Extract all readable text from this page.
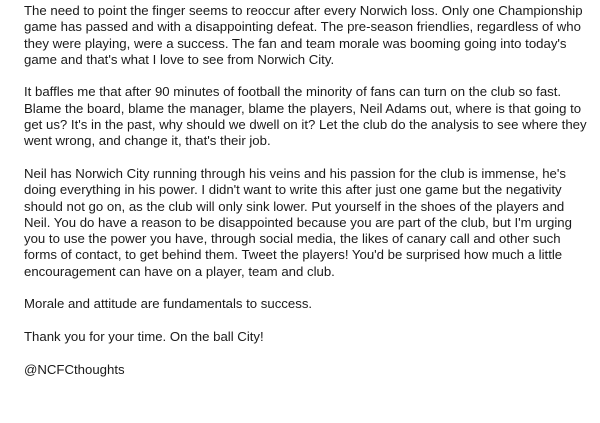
The need to point the finger seems to reoccur after every Norwich loss. Only one Championship game has passed and with a disappointing defeat. The pre-season friendlies, regardless of who they were playing, were a success. The fan and team morale was booming going into today's game and that's what I love to see from Norwich City.

It baffles me that after 90 minutes of football the minority of fans can turn on the club so fast. Blame the board, blame the manager, blame the players, Neil Adams out, where is that going to get us? It's in the past, why should we dwell on it? Let the club do the analysis to see where they went wrong, and change it, that's their job.

Neil has Norwich City running through his veins and his passion for the club is immense, he's doing everything in his power. I didn't want to write this after just one game but the negativity should not go on, as the club will only sink lower. Put yourself in the shoes of the players and Neil. You do have a reason to be disappointed because you are part of the club, but I'm urging you to use the power you have, through social media, the likes of canary call and other such forms of contact, to get behind them. Tweet the players! You'd be surprised how much a little encouragement can have on a player, team and club.

Morale and attitude are fundamentals to success.

Thank you for your time. On the ball City!

@NCFCthoughts
